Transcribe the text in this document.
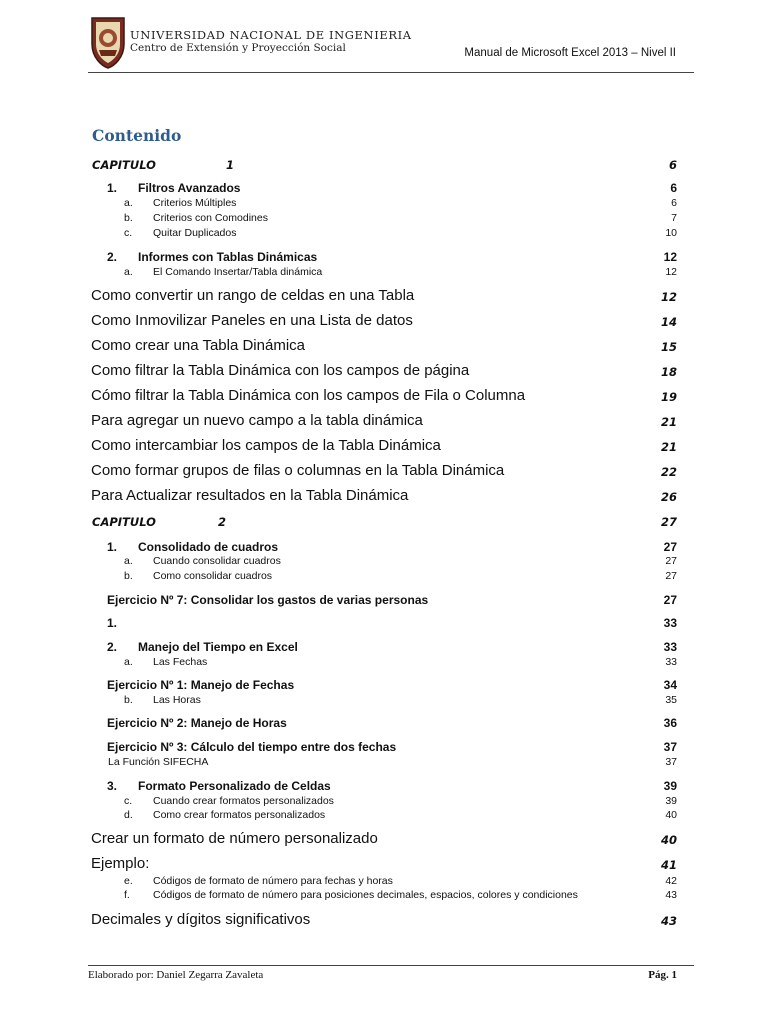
UNIVERSIDAD NACIONAL DE INGENIERIA
Centro de Extensión y Proyección Social	Manual de Microsoft Excel 2013 – Nivel II
Contenido
CAPITULO	1	6
1. Filtros Avanzados	6
a. Criterios Múltiples	6
b. Criterios con Comodines	7
c. Quitar Duplicados	10
2. Informes con Tablas Dinámicas	12
a. El Comando Insertar/Tabla dinámica	12
Como convertir un rango de celdas en una Tabla	12
Como Inmovilizar Paneles en una Lista de datos	14
Como crear una Tabla Dinámica	15
Como filtrar la Tabla Dinámica con los campos de página	18
Cómo filtrar la Tabla Dinámica con los campos de Fila o Columna	19
Para agregar un nuevo campo a la tabla dinámica	21
Como intercambiar los campos de la Tabla Dinámica	21
Como formar grupos de filas o columnas en la Tabla Dinámica	22
Para Actualizar resultados en la Tabla Dinámica	26
CAPITULO	2	27
1. Consolidado de cuadros	27
a. Cuando consolidar cuadros	27
b. Como consolidar cuadros	27
Ejercicio Nº 7: Consolidar los gastos de varias personas	27
1.	33
2. Manejo del Tiempo en Excel	33
a. Las Fechas	33
Ejercicio Nº 1: Manejo de Fechas	34
b. Las Horas	35
Ejercicio Nº 2: Manejo de Horas	36
Ejercicio Nº 3: Cálculo del tiempo entre dos fechas	37
La Función SIFECHA	37
3. Formato Personalizado de Celdas	39
c. Cuando crear formatos personalizados	39
d. Como crear formatos personalizados	40
Crear un formato de número personalizado	40
Ejemplo:	41
e. Códigos de formato de número para fechas y horas	42
f. Códigos de formato de número para posiciones decimales, espacios, colores y condiciones	43
Decimales y dígitos significativos	43
Elaborado por: Daniel Zegarra Zavaleta	Pág. 1
